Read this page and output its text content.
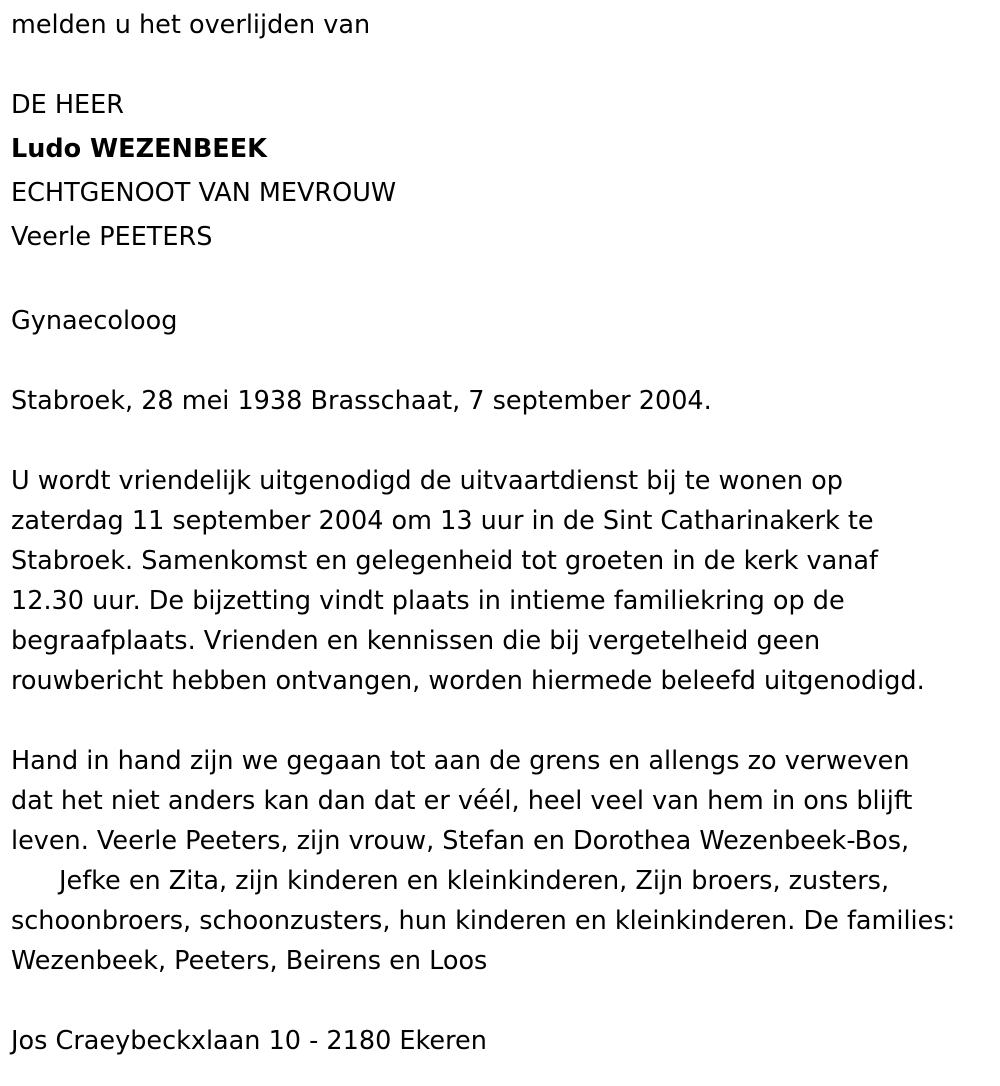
melden u het overlijden van
DE HEER
Ludo WEZENBEEK
ECHTGENOOT VAN MEVROUW
Veerle PEETERS
Gynaecoloog
Stabroek, 28 mei 1938 Brasschaat, 7 september 2004.

U wordt vriendelijk uitgenodigd de uitvaartdienst bij te wonen op

zaterdag 11 september 2004 om 13 uur in de Sint Catharinakerk te

Stabroek. Samenkomst en gelegenheid tot groeten in de kerk vanaf

12.30 uur. De bijzetting vindt plaats in intieme familiekring op de

begraafplaats. Vrienden en kennissen die bij vergetelheid geen

rouwbericht hebben ontvangen, worden hiermede beleefd uitgenodigd.

Hand in hand zijn we gegaan tot aan de grens en allengs zo verweven

dat het niet anders kan dan dat er véél, heel veel van hem in ons blijft

leven. Veerle Peeters, zijn vrouw, Stefan en Dorothea Wezenbeek-Bos,

Jefke en Zita, zijn kinderen en kleinkinderen, Zijn broers, zusters,

schoonbroers, schoonzusters, hun kinderen en kleinkinderen. De families:

Wezenbeek, Peeters, Beirens en Loos

Jos Craeybeckxlaan 10 - 2180 Ekeren
